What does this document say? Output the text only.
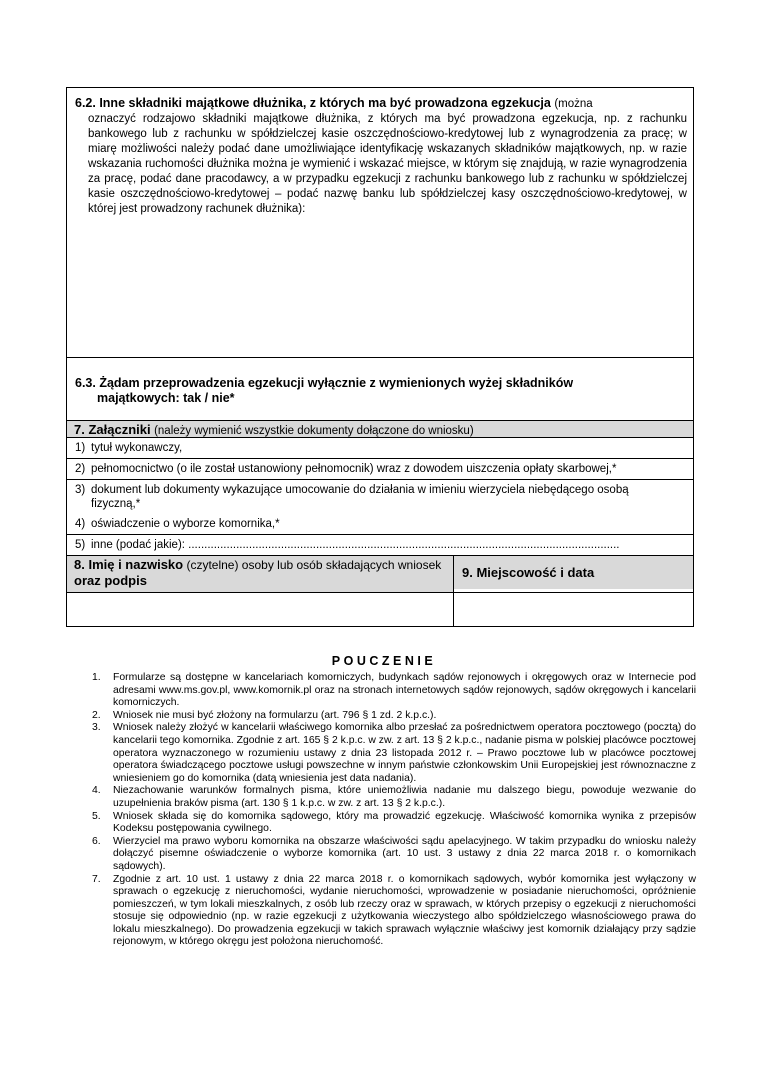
6.2. Inne składniki majątkowe dłużnika, z których ma być prowadzona egzekucja (można
oznaczyć rodzajowo składniki majątkowe dłużnika, z których ma być prowadzona egzekucja, np. z rachunku bankowego lub z rachunku w spółdzielczej kasie oszczędnościowo-kredytowej lub z wynagrodzenia za pracę; w miarę możliwości należy podać dane umożliwiające identyfikację wskazanych składników majątkowych, np. w razie wskazania ruchomości dłużnika można je wymienić i wskazać miejsce, w którym się znajdują, w razie wynagrodzenia za pracę, podać dane pracodawcy, a w przypadku egzekucji z rachunku bankowego lub z rachunku w spółdzielczej kasie oszczędnościowo-kredytowej – podać nazwę banku lub spółdzielczej kasy oszczędnościowo-kredytowej, w której jest prowadzony rachunek dłużnika):
6.3. Żądam przeprowadzenia egzekucji wyłącznie z wymienionych wyżej składników
majątkowych: tak / nie*
7. Załączniki (należy wymienić wszystkie dokumenty dołączone do wniosku)
1) tytuł wykonawczy,
2) pełnomocnictwo (o ile został ustanowiony pełnomocnik) wraz z dowodem uiszczenia opłaty skarbowej,*
3) dokument lub dokumenty wykazujące umocowanie do działania w imieniu wierzyciela niebędącego osobą fizyczną,*
4) oświadczenie o wyborze komornika,*
5) inne (podać jakie): .......................................................................................................................................
8. Imię i nazwisko (czytelne) osoby lub osób składających wniosek oraz podpis
9. Miejscowość i data
POUCZENIE
1. Formularze są dostępne w kancelariach komorniczych, budynkach sądów rejonowych i okręgowych oraz w Internecie pod adresami www.ms.gov.pl, www.komornik.pl oraz na stronach internetowych sądów rejonowych, sądów okręgowych i kancelarii komorniczych.
2. Wniosek nie musi być złożony na formularzu (art. 796 § 1 zd. 2 k.p.c.).
3. Wniosek należy złożyć w kancelarii właściwego komornika albo przesłać za pośrednictwem operatora pocztowego (pocztą) do kancelarii tego komornika. Zgodnie z art. 165 § 2 k.p.c. w zw. z art. 13 § 2 k.p.c., nadanie pisma w polskiej placówce pocztowej operatora wyznaczonego w rozumieniu ustawy z dnia 23 listopada 2012 r. – Prawo pocztowe lub w placówce pocztowej operatora świadczącego pocztowe usługi powszechne w innym państwie członkowskim Unii Europejskiej jest równoznaczne z wniesieniem go do komornika (datą wniesienia jest data nadania).
4. Niezachowanie warunków formalnych pisma, które uniemożliwia nadanie mu dalszego biegu, powoduje wezwanie do uzupełnienia braków pisma (art. 130 § 1 k.p.c. w zw. z art. 13 § 2 k.p.c.).
5. Wniosek składa się do komornika sądowego, który ma prowadzić egzekucję. Właściwość komornika wynika z przepisów Kodeksu postępowania cywilnego.
6. Wierzyciel ma prawo wyboru komornika na obszarze właściwości sądu apelacyjnego. W takim przypadku do wniosku należy dołączyć pisemne oświadczenie o wyborze komornika (art. 10 ust. 3 ustawy z dnia 22 marca 2018 r. o komornikach sądowych).
7. Zgodnie z art. 10 ust. 1 ustawy z dnia 22 marca 2018 r. o komornikach sądowych, wybór komornika jest wyłączony w sprawach o egzekucję z nieruchomości, wydanie nieruchomości, wprowadzenie w posiadanie nieruchomości, opróżnienie pomieszczeń, w tym lokali mieszkalnych, z osób lub rzeczy oraz w sprawach, w których przepisy o egzekucji z nieruchomości stosuje się odpowiednio (np. w razie egzekucji z użytkowania wieczystego albo spółdzielczego własnościowego prawa do lokalu mieszkalnego). Do prowadzenia egzekucji w takich sprawach wyłącznie właściwy jest komornik działający przy sądzie rejonowym, w którego okręgu jest położona nieruchomość.
